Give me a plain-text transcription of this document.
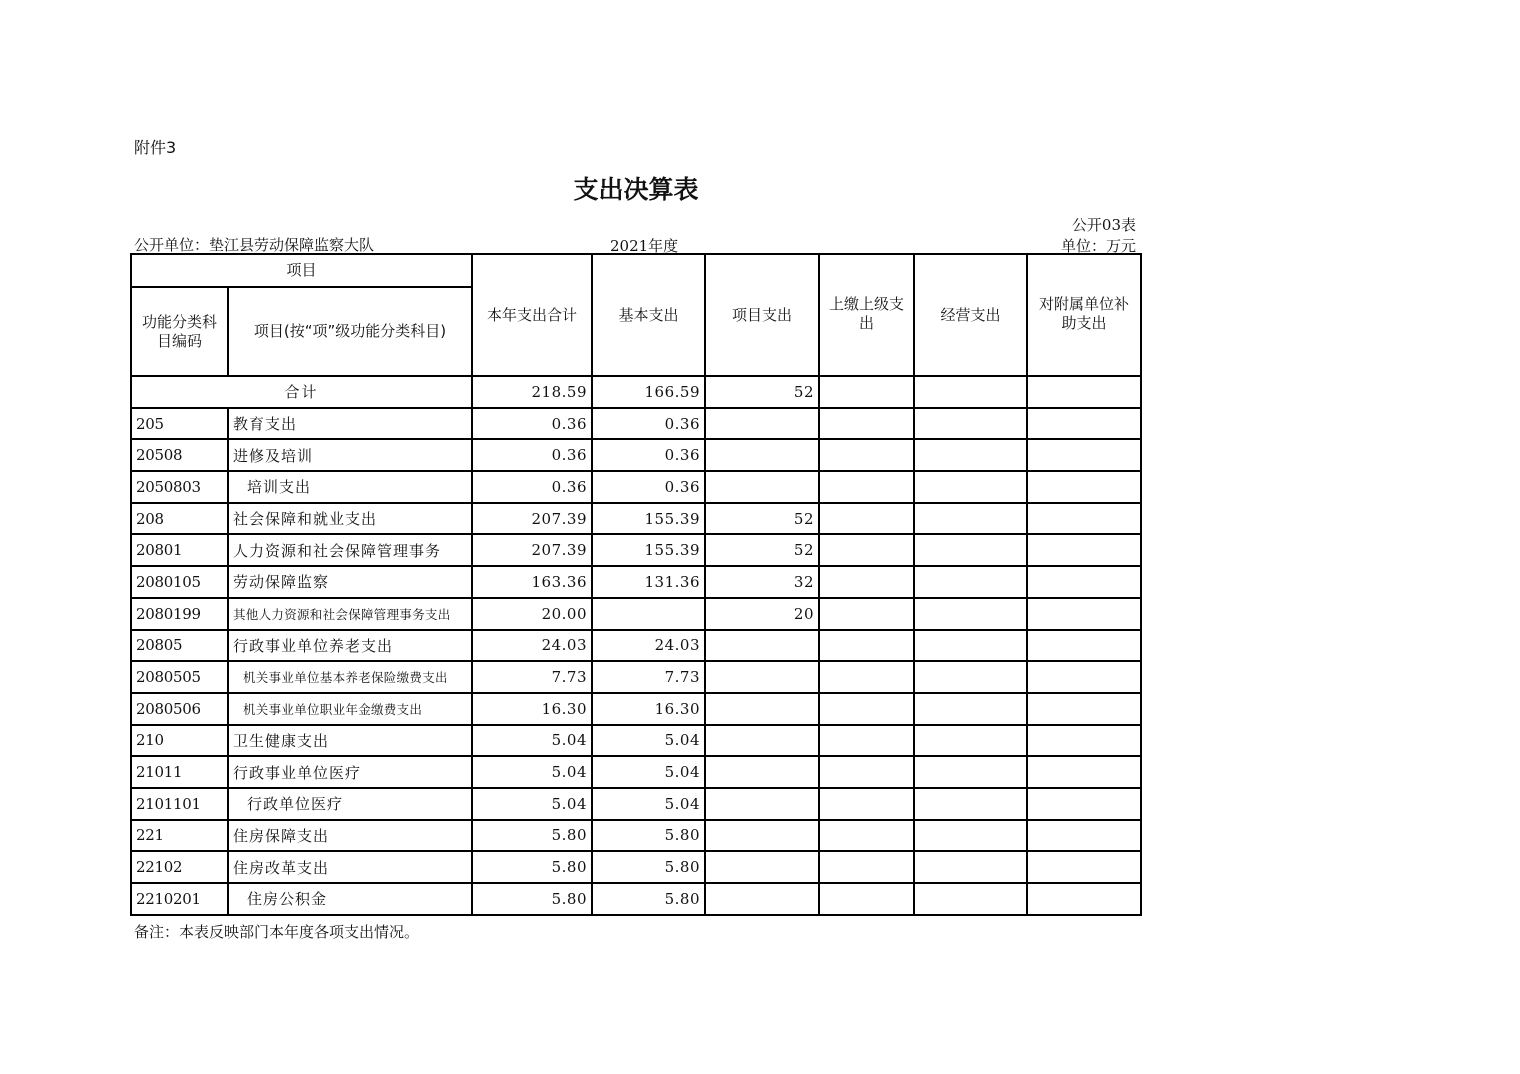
附件3
支出决算表
公开单位：垫江县劳动保障监察大队	2021年度
公开03表
单位：万元
项目		本年支出合计	基本支出	项目支出	上缴上级支出	经营支出	对附属单位补助支出
功能分类科目编码	项目(按“项”级功能分类科目)						
合计		218.59	166.59	52			
205	教育支出	0.36	0.36				
20508	进修及培训	0.36	0.36				
2050803	培训支出	0.36	0.36				
208	社会保障和就业支出	207.39	155.39	52			
20801	人力资源和社会保障管理事务	207.39	155.39	52			
2080105	劳动保障监察	163.36	131.36	32			
2080199	其他人力资源和社会保障管理事务支出	20.00		20			
20805	行政事业单位养老支出	24.03	24.03				
2080505	机关事业单位基本养老保险缴费支出	7.73	7.73				
2080506	机关事业单位职业年金缴费支出	16.30	16.30				
210	卫生健康支出	5.04	5.04				
21011	行政事业单位医疗	5.04	5.04				
2101101	行政单位医疗	5.04	5.04				
221	住房保障支出	5.80	5.80				
22102	住房改革支出	5.80	5.80				
2210201	住房公积金	5.80	5.80				
备注：本表反映部门本年度各项支出情况。
